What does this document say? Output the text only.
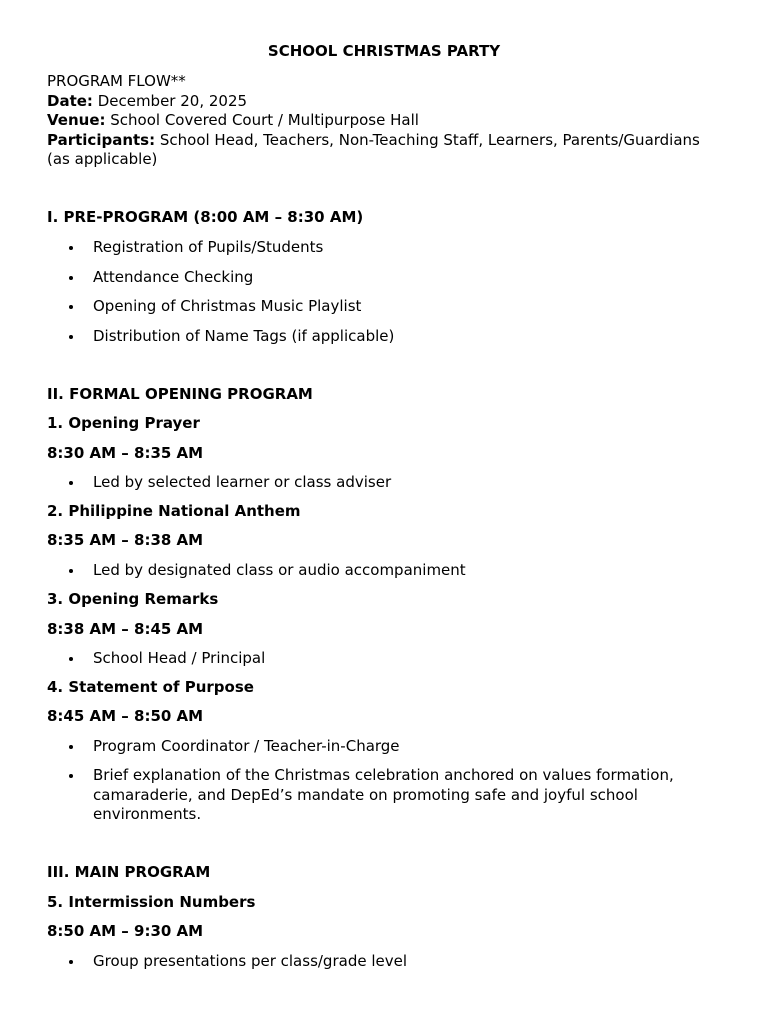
SCHOOL CHRISTMAS PARTY

PROGRAM FLOW**

Date: December 20, 2025

Venue: School Covered Court / Multipurpose Hall

Participants: School Head, Teachers, Non-Teaching Staff, Learners, Parents/Guardians (as applicable)

I. PRE-PROGRAM (8:00 AM – 8:30 AM)

Registration of Pupils/Students

Attendance Checking

Opening of Christmas Music Playlist

Distribution of Name Tags (if applicable)

II. FORMAL OPENING PROGRAM

1. Opening Prayer

8:30 AM – 8:35 AM

Led by selected learner or class adviser

2. Philippine National Anthem

8:35 AM – 8:38 AM

Led by designated class or audio accompaniment

3. Opening Remarks

8:38 AM – 8:45 AM

School Head / Principal

4. Statement of Purpose

8:45 AM – 8:50 AM

Program Coordinator / Teacher-in-Charge

Brief explanation of the Christmas celebration anchored on values formation, camaraderie, and DepEd’s mandate on promoting safe and joyful school environments.

III. MAIN PROGRAM

5. Intermission Numbers

8:50 AM – 9:30 AM

Group presentations per class/grade level
